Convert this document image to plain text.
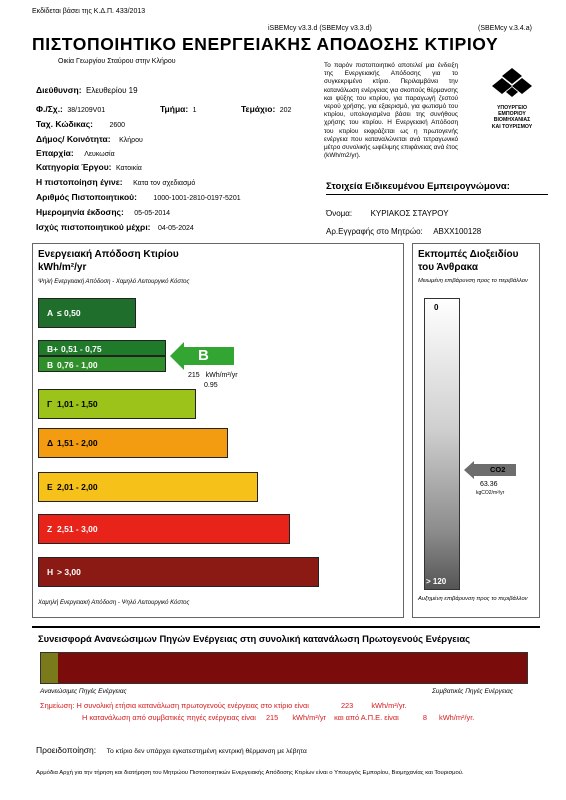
Εκδίδεται βάσει της Κ.Δ.Π. 433/2013
iSBEMcy v3.3.d (SBEMcy v3.3.d)	(SBEMcy v.3.4.a)
ΠΙΣΤΟΠΟΙΗΤΙΚΟ ΕΝΕΡΓΕΙΑΚΗΣ ΑΠΟΔΟΣΗΣ ΚΤΙΡΙΟΥ
Οικία Γεωργίου Σταύρου στην Κλήρου
Διεύθυνση: Ελευθερίου 19
Φ./Σχ.: 38/1209V01	Τμήμα: 1	Τεμάχιο: 202
Ταχ. Κώδικας: 2600
Δήμος/ Κοινότητα: Κλήρου
Επαρχία: Λευκωσία
Κατηγορία Έργου: Κατοικία
Η πιστοποίηση έγινε: Κατα τον σχεδιασμό
Αριθμός Πιστοποιητικού: 1000-1001-2810-0197-5201
Ημερομηνία έκδοσης: 05-05-2014
Ισχύς πιστοποιητικού μέχρι: 04-05-2024
Το παρόν πιστοποιητικό αποτελεί μια ένδειξη της Ενεργειακής Απόδοσης για το συγκεκριμένο κτίριο. Περιλαμβάνει την κατανάλωση ενέργειας για σκοπούς θέρμανσης και ψύξης του κτιρίου, για παραγωγή ζεστού νερού χρήσης, για εξαερισμό, για φωτισμό του κτιρίου, υπολογισμένα βάσει της συνήθους χρήσης του κτιρίου. Η Ενεργειακή Απόδοση του κτιρίου εκφράζεται ως η πρωτογενής ενέργεια που καταναλώνεται ανά τετραγωνικό μέτρο συνολικής ωφέλιμης επιφάνειας ανά έτος (kWh/m2/yr).
ΥΠΟΥΡΓΕΙΟ
ΕΜΠΟΡΙΟΥ
ΒΙΟΜΗΧΑΝΙΑΣ
ΚΑΙ ΤΟΥΡΙΣΜΟΥ
Στοιχεία Ειδικευμένου Εμπειρογνώμονα:
Όνομα: ΚΥΡΙΑΚΟΣ ΣΤΑΥΡΟΥ
Αρ.Εγγραφής στο Μητρώο: ΑΒΧΧ100128
Ενεργειακή Απόδοση Κτιρίου
kWh/m²/yr
Ψηλή Ενεργειακή Απόδοση - Χαμηλό Λειτουργικό Κόστος
A ≤ 0,50
B+ 0,51 - 0,75
B 0,76 - 1,00
Γ 1,01 - 1,50
Δ 1,51 - 2,00
Ε 2,01 - 2,00
Ζ 2,51 - 3,00
Η > 3,00
B
215 kWh/m²/yr
0.95
Χαμηλή Ενεργειακή Απόδοση - Ψηλό Λειτουργικό Κόστος
Εκπομπές Διοξειδίου
του Άνθρακα
Μειωμένη επιβάρυνση προς το περιβάλλον
0
> 120
CO2
63.36
kgCO2/m²/yr
Αυξημένη επιβάρυνση προς το περιβάλλον
Συνεισφορά Ανανεώσιμων Πηγών Ενέργειας στη συνολική κατανάλωση Πρωτογενούς Ενέργειας
Ανανεώσιμες Πηγές Ενέργειας	Συμβατικές Πηγές Ενέργειας
Σημείωση: Η συνολική ετήσια κατανάλωση πρωτογενούς ενέργειας στο κτίριο είναι	223 kWh/m²/yr.
Η κατανάλωση από συμβατικές πηγές ενέργειας είναι 215 kWh/m²/yr και από Α.Π.Ε. είναι	8 kWh/m²/yr.
Προειδοποίηση: Το κτίριο δεν υπάρχει εγκατεστημένη κεντρική θέρμανση με λέβητα
Αρμόδια Αρχή για την τήρηση και διατήρηση του Μητρώου Πιστοποιητικών Ενεργειακής Απόδοσης Κτιρίων είναι ο Υπουργός Εμπορίου, Βιομηχανίας και Τουρισμού.
